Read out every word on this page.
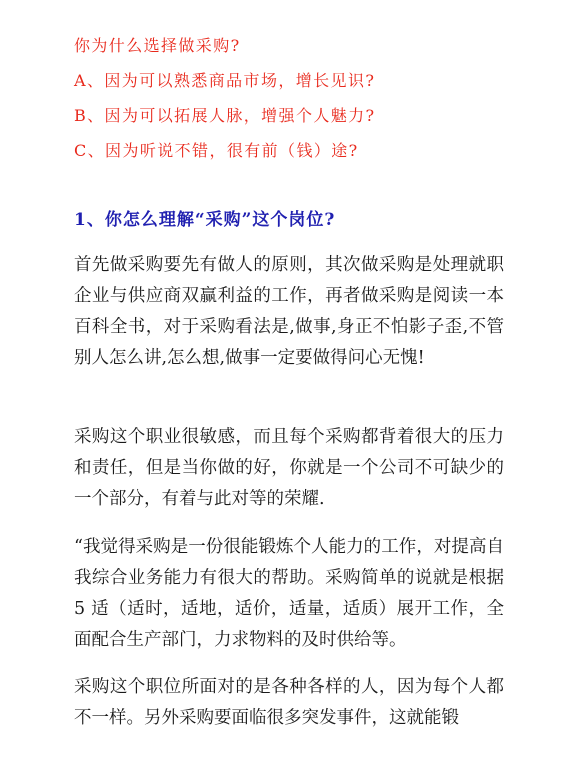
你为什么选择做采购?
A、因为可以熟悉商品市场，增长见识?
B、因为可以拓展人脉，增强个人魅力?
C、因为听说不错，很有前（钱）途?
1、你怎么理解“采购”这个岗位?
首先做采购要先有做人的原则，其次做采购是处理就职企业与供应商双赢利益的工作，再者做采购是阅读一本百科全书，对于采购看法是,做事,身正不怕影子歪,不管别人怎么讲,怎么想,做事一定要做得问心无愧!
采购这个职业很敏感，而且每个采购都背着很大的压力和责任，但是当你做的好，你就是一个公司不可缺少的一个部分，有着与此对等的荣耀.
“我觉得采购是一份很能锻炼个人能力的工作，对提高自我综合业务能力有很大的帮助。采购简单的说就是根据 5 适（适时，适地，适价，适量，适质）展开工作，全面配合生产部门，力求物料的及时供给等。
采购这个职位所面对的是各种各样的人，因为每个人都不一样。另外采购要面临很多突发事件，这就能锻
